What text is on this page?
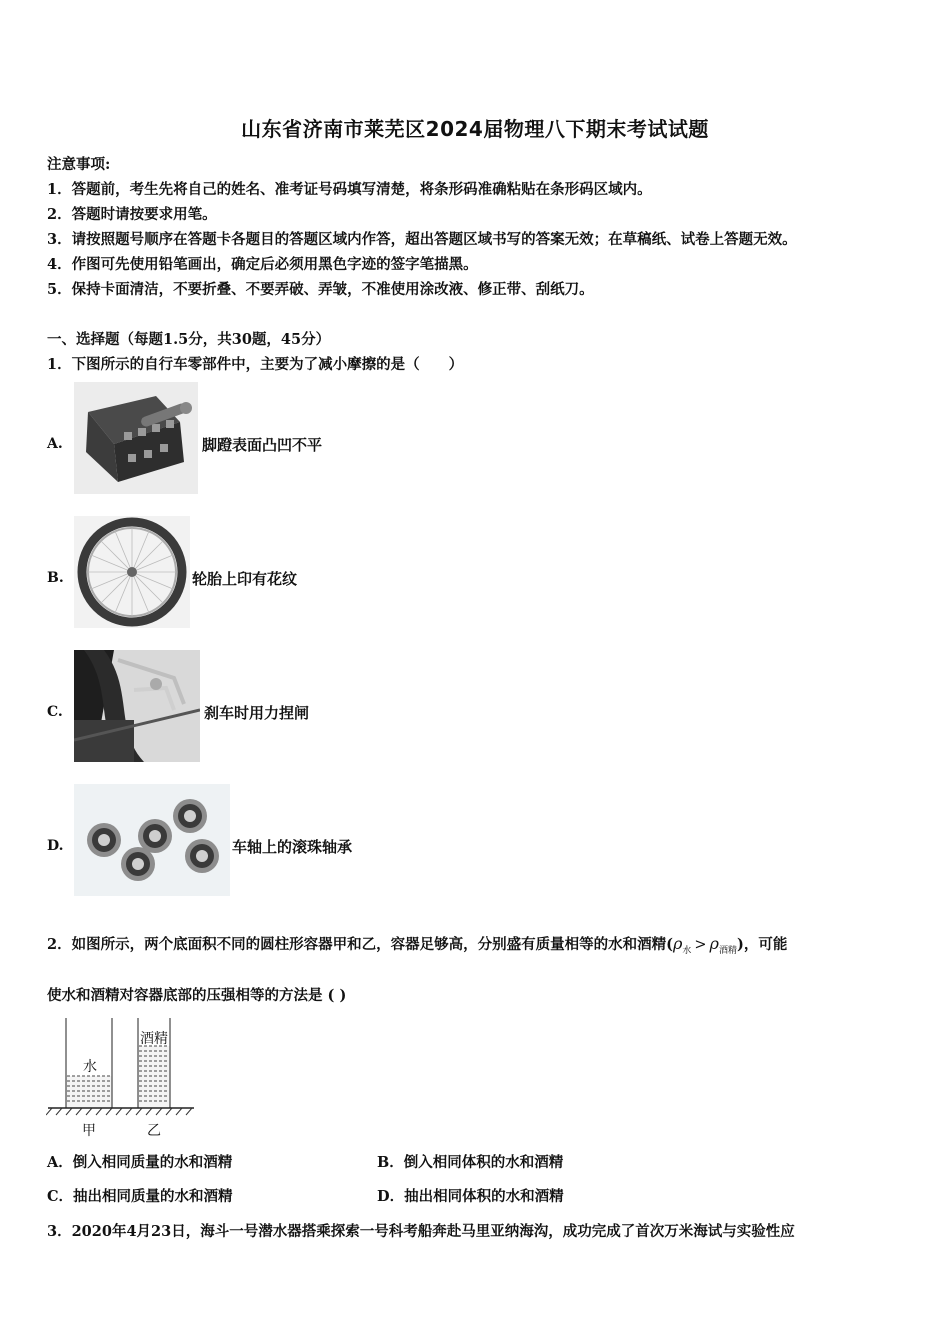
山东省济南市莱芜区2024届物理八下期末考试试题
注意事项:
1．答题前，考生先将自己的姓名、准考证号码填写清楚，将条形码准确粘贴在条形码区域内。
2．答题时请按要求用笔。
3．请按照题号顺序在答题卡各题目的答题区域内作答，超出答题区域书写的答案无效；在草稿纸、试卷上答题无效。
4．作图可先使用铅笔画出，确定后必须用黑色字迹的签字笔描黑。
5．保持卡面清洁，不要折叠、不要弄破、弄皱，不准使用涂改液、修正带、刮纸刀。
一、选择题（每题1.5分，共30题，45分）
1．下图所示的自行车零部件中，主要为了减小摩擦的是（　　）
A.	脚蹬表面凸凹不平
B.	轮胎上印有花纹
C.	刹车时用力捏闸
D.	车轴上的滚珠轴承
2．如图所示，两个底面积不同的圆柱形容器甲和乙，容器足够高，分别盛有质量相等的水和酒精$(\rho_水 > \rho_{酒精})$，可能
使水和酒精对容器底部的压强相等的方法是 ( )
水
酒精
甲	乙
A．倒入相同质量的水和酒精	B．倒入相同体积的水和酒精
C．抽出相同质量的水和酒精	D．抽出相同体积的水和酒精
3．2020年4月23日，海斗一号潜水器搭乘探索一号科考船奔赴马里亚纳海沟，成功完成了首次万米海试与实验性应
